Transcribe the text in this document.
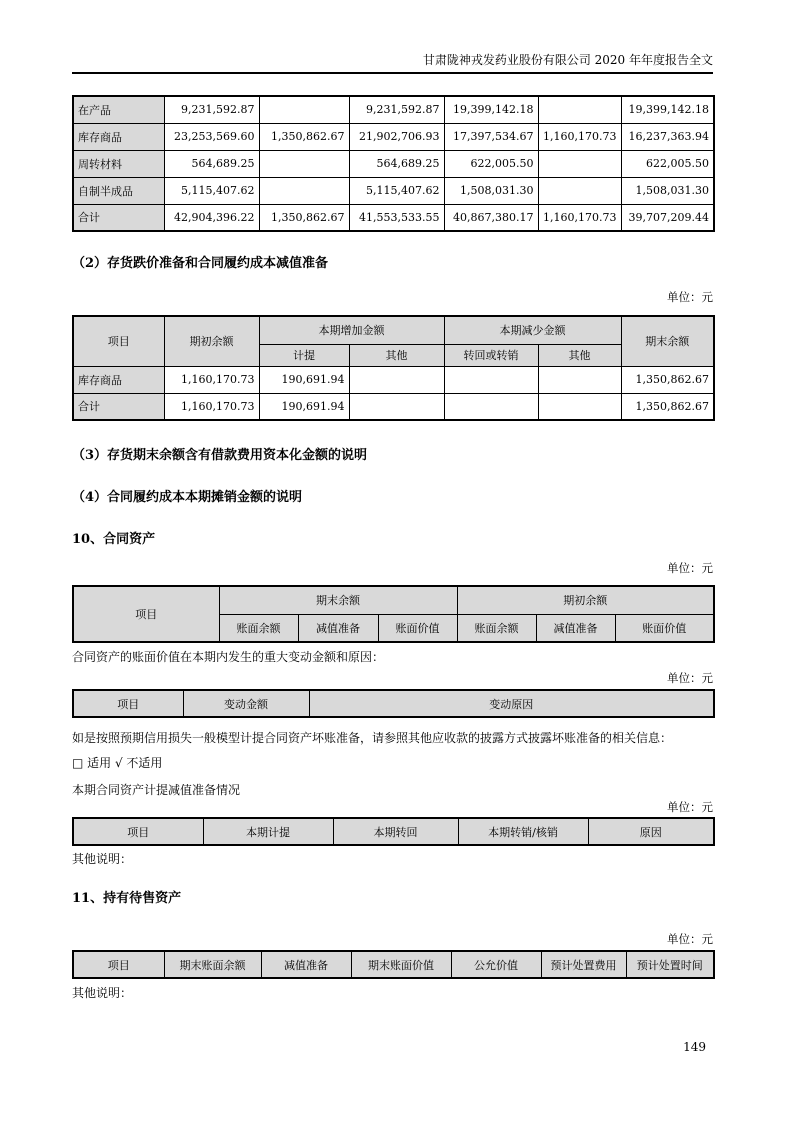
甘肃陇神戎发药业股份有限公司 2020 年年度报告全文
在产品	9,231,592.87		9,231,592.87	19,399,142.18		19,399,142.18
库存商品	23,253,569.60	1,350,862.67	21,902,706.93	17,397,534.67	1,160,170.73	16,237,363.94
周转材料	564,689.25		564,689.25	622,005.50		622,005.50
自制半成品	5,115,407.62		5,115,407.62	1,508,031.30		1,508,031.30
合计	42,904,396.22	1,350,862.67	41,553,533.55	40,867,380.17	1,160,170.73	39,707,209.44
（2）存货跌价准备和合同履约成本减值准备
单位：元
项目	期初余额	本期增加金额		本期减少金额		期末余额
		计提	其他	转回或转销	其他	
库存商品	1,160,170.73	190,691.94				1,350,862.67
合计	1,160,170.73	190,691.94				1,350,862.67
（3）存货期末余额含有借款费用资本化金额的说明
（4）合同履约成本本期摊销金额的说明
10、合同资产
单位：元
项目	期末余额			期初余额		
	账面余额	减值准备	账面价值	账面余额	减值准备	账面价值
合同资产的账面价值在本期内发生的重大变动金额和原因：
单位：元
项目	变动金额	变动原因
如是按照预期信用损失一般模型计提合同资产坏账准备，请参照其他应收款的披露方式披露坏账准备的相关信息：
□ 适用 √ 不适用
本期合同资产计提减值准备情况
单位：元
项目	本期计提	本期转回	本期转销/核销	原因
其他说明：
11、持有待售资产
单位：元
项目	期末账面余额	减值准备	期末账面价值	公允价值	预计处置费用	预计处置时间
其他说明：
149
